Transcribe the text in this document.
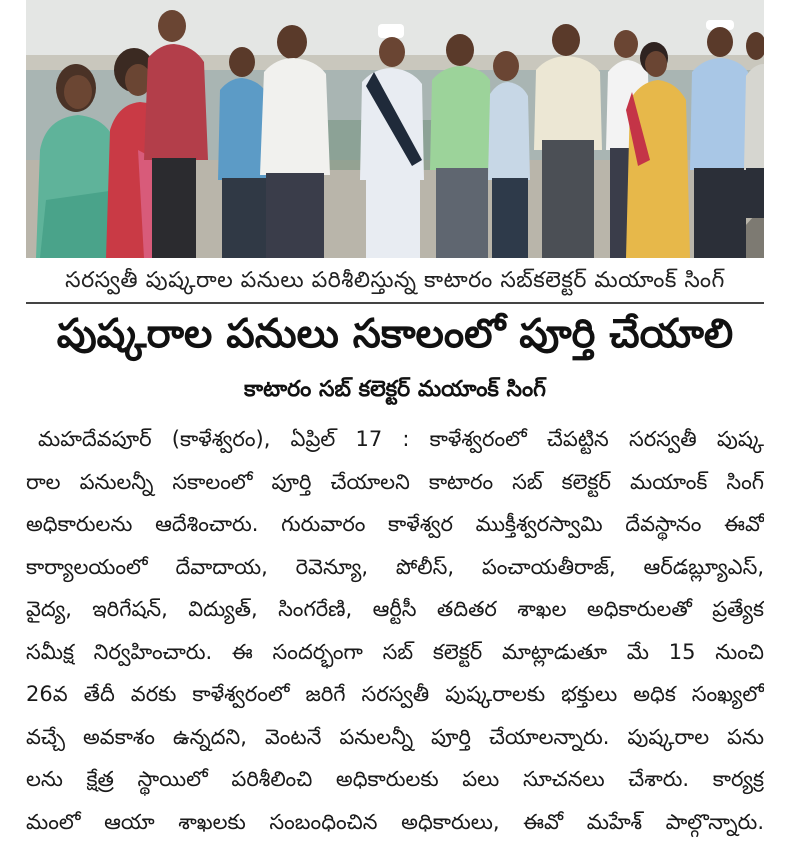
సరస్వతీ పుష్కరాల పనులు పరిశీలిస్తున్న కాటారం సబ్‌కలెక్టర్ మయాంక్ సింగ్
పుష్కరాల పనులు సకాలంలో పూర్తి చేయాలి
కాటారం సబ్ కలెక్టర్ మయాంక్ సింగ్
మహదేవపూర్ (కాళేశ్వరం), ఏప్రిల్ 17 : కాళేశ్వరంలో చేపట్టిన సరస్వతీ పుష్క
రాల పనులన్నీ సకాలంలో పూర్తి చేయాలని కాటారం సబ్ కలెక్టర్ మయాంక్ సింగ్
అధికారులను ఆదేశించారు. గురువారం కాళేశ్వర ముక్తీశ్వరస్వామి దేవస్థానం ఈవో
కార్యాలయంలో దేవాదాయ, రెవెన్యూ, పోలీస్, పంచాయతీరాజ్, ఆర్‌డబ్ల్యూఎస్,
వైద్య, ఇరిగేషన్, విద్యుత్, సింగరేణి, ఆర్టీసీ తదితర శాఖల అధికారులతో ప్రత్యేక
సమీక్ష నిర్వహించారు. ఈ సందర్భంగా సబ్ కలెక్టర్ మాట్లాడుతూ మే 15 నుంచి
26వ తేదీ వరకు కాళేశ్వరంలో జరిగే సరస్వతీ పుష్కరాలకు భక్తులు అధిక సంఖ్యలో
వచ్చే అవకాశం ఉన్నదని, వెంటనే పనులన్నీ పూర్తి చేయాలన్నారు. పుష్కరాల పను
లను క్షేత్ర స్థాయిలో పరిశీలించి అధికారులకు పలు సూచనలు చేశారు. కార్యక్ర
మంలో ఆయా శాఖలకు సంబంధించిన అధికారులు, ఈవో మహేశ్ పాల్గొన్నారు.
